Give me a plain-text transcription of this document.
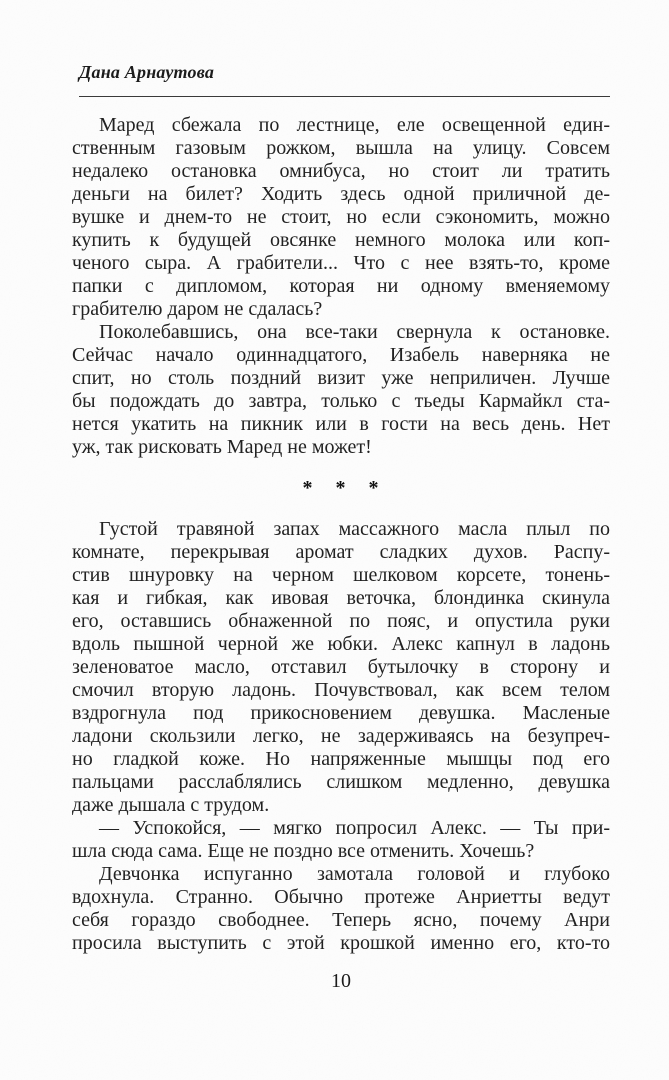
Дана Арнаутова
Маред сбежала по лестнице, еле освещенной един-
ственным газовым рожком, вышла на улицу. Совсем
недалеко остановка омнибуса, но стоит ли тратить
деньги на билет? Ходить здесь одной приличной де-
вушке и днем-то не стоит, но если сэкономить, можно
купить к будущей овсянке немного молока или коп-
ченого сыра. А грабители... Что с нее взять-то, кроме
папки с дипломом, которая ни одному вменяемому
грабителю даром не сдалась?
Поколебавшись, она все-таки свернула к остановке.
Сейчас начало одиннадцатого, Изабель наверняка не
спит, но столь поздний визит уже неприличен. Лучше
бы подождать до завтра, только с тьеды Кармайкл ста-
нется укатить на пикник или в гости на весь день. Нет
уж, так рисковать Маред не может!
* * *
Густой травяной запах массажного масла плыл по
комнате, перекрывая аромат сладких духов. Распу-
стив шнуровку на черном шелковом корсете, тонень-
кая и гибкая, как ивовая веточка, блондинка скинула
его, оставшись обнаженной по пояс, и опустила руки
вдоль пышной черной же юбки. Алекс капнул в ладонь
зеленоватое масло, отставил бутылочку в сторону и
смочил вторую ладонь. Почувствовал, как всем телом
вздрогнула под прикосновением девушка. Масленые
ладони скользили легко, не задерживаясь на безупреч-
но гладкой коже. Но напряженные мышцы под его
пальцами расслаблялись слишком медленно, девушка
даже дышала с трудом.
— Успокойся, — мягко попросил Алекс. — Ты при-
шла сюда сама. Еще не поздно все отменить. Хочешь?
Девчонка испуганно замотала головой и глубоко
вдохнула. Странно. Обычно протеже Анриетты ведут
себя гораздо свободнее. Теперь ясно, почему Анри
просила выступить с этой крошкой именно его, кто-то
10
